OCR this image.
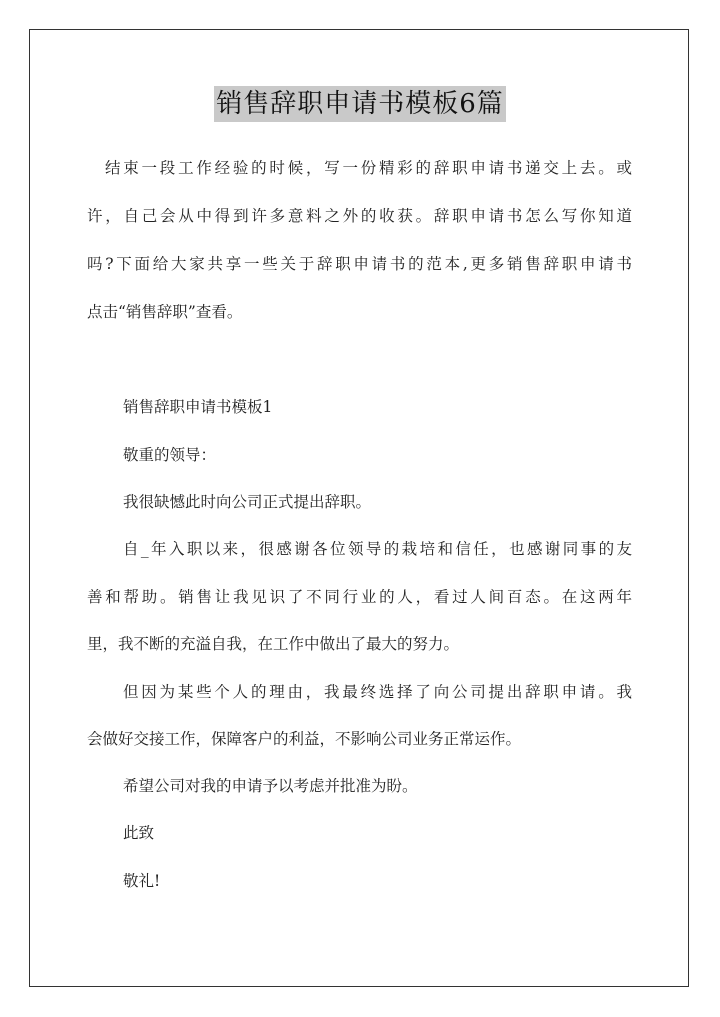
销售辞职申请书模板6篇
结束一段工作经验的时候，写一份精彩的辞职申请书递交上去。或
许，自己会从中得到许多意料之外的收获。辞职申请书怎么写你知道
吗?下面给大家共享一些关于辞职申请书的范本,更多销售辞职申请书
点击“销售辞职”查看。
销售辞职申请书模板1
敬重的领导：
我很缺憾此时向公司正式提出辞职。
自_年入职以来，很感谢各位领导的栽培和信任，也感谢同事的友
善和帮助。销售让我见识了不同行业的人，看过人间百态。在这两年
里，我不断的充溢自我，在工作中做出了最大的努力。
但因为某些个人的理由，我最终选择了向公司提出辞职申请。我
会做好交接工作，保障客户的利益，不影响公司业务正常运作。
希望公司对我的申请予以考虑并批准为盼。
此致
敬礼!
